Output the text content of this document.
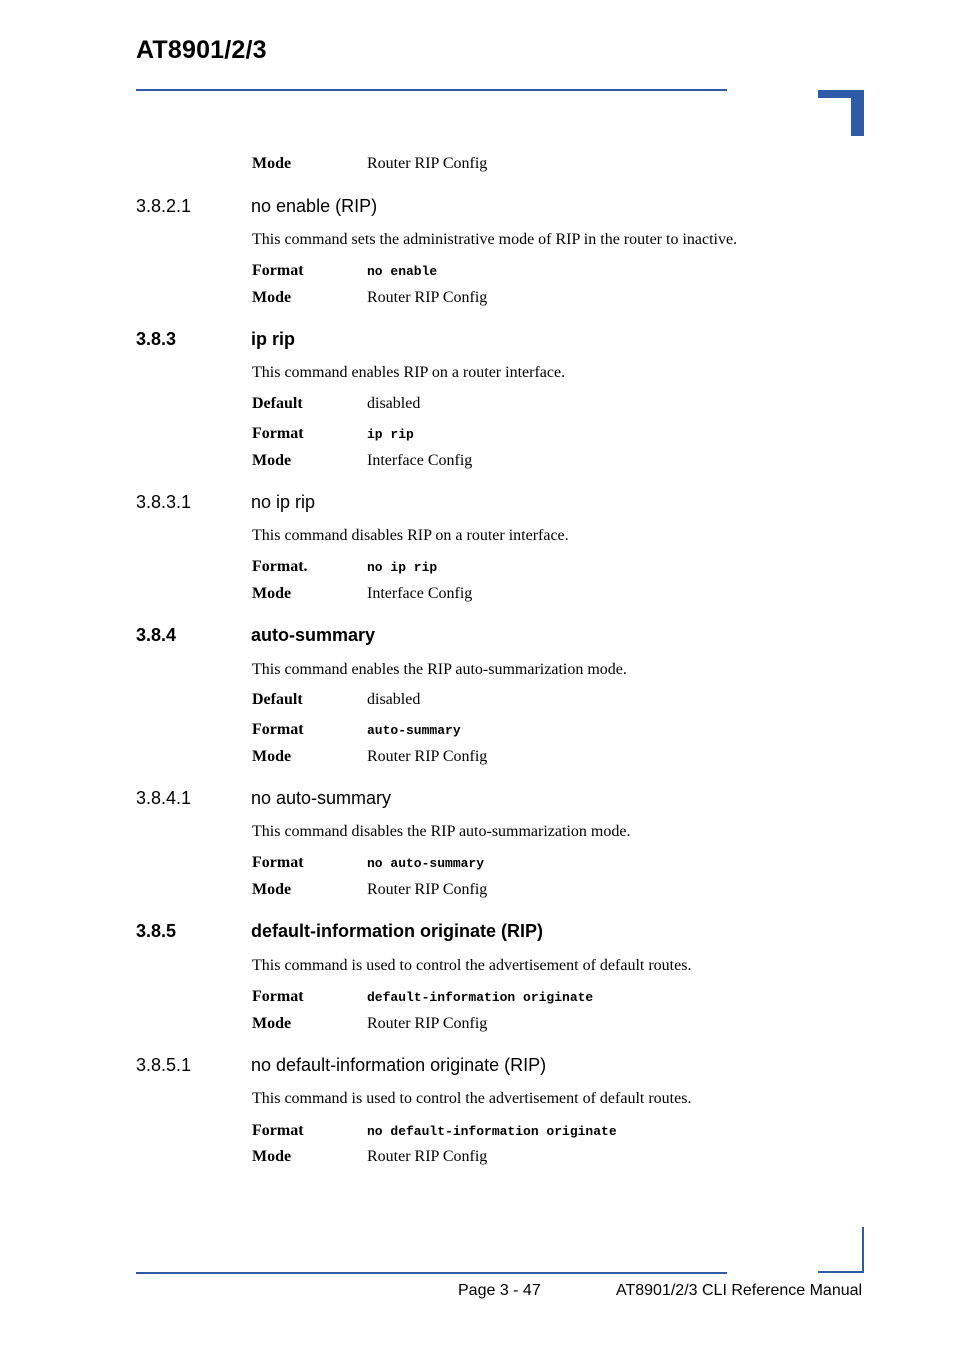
AT8901/2/3
Mode	Router RIP Config
3.8.2.1	no enable (RIP)
This command sets the administrative mode of RIP in the router to inactive.
Format	no enable
Mode	Router RIP Config
3.8.3	ip rip
This command enables RIP on a router interface.
Default	disabled
Format	ip rip
Mode	Interface Config
3.8.3.1	no ip rip
This command disables RIP on a router interface.
Format.	no ip rip
Mode	Interface Config
3.8.4	auto-summary
This command enables the RIP auto-summarization mode.
Default	disabled
Format	auto-summary
Mode	Router RIP Config
3.8.4.1	no auto-summary
This command disables the RIP auto-summarization mode.
Format	no auto-summary
Mode	Router RIP Config
3.8.5	default-information originate (RIP)
This command is used to control the advertisement of default routes.
Format	default-information originate
Mode	Router RIP Config
3.8.5.1	no default-information originate (RIP)
This command is used to control the advertisement of default routes.
Format	no default-information originate
Mode	Router RIP Config
Page 3 - 47	AT8901/2/3 CLI Reference Manual
